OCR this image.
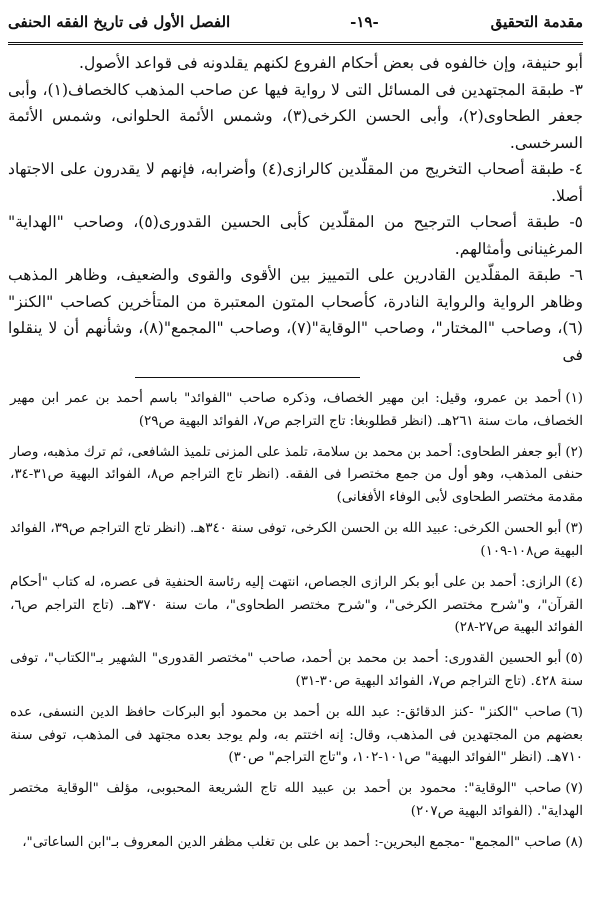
مقدمة التحقيق
-١٩-
الفصل الأول فى تاريخ الفقه الحنفى

أبو حنيفة، وإن خالفوه فى بعض أحكام الفروع لكنهم يقلدونه فى قواعد الأصول.

٣- طبقة المجتهدين فى المسائل التى لا رواية فيها عن صاحب المذهب كالخصاف(١)، وأبى جعفر الطحاوى(٢)، وأبى الحسن الكرخى(٣)، وشمس الأئمة الحلوانى، وشمس الأئمة السرخسى.

٤- طبقة أصحاب التخريج من المقلّدين كالرازى(٤) وأضرابه، فإنهم لا يقدرون على الاجتهاد أصلا.

٥- طبقة أصحاب الترجيح من المقلّدين كأبى الحسين القدورى(٥)، وصاحب "الهداية" المرغينانى وأمثالهم.

٦- طبقة المقلّدين القادرين على التمييز بين الأقوى والقوى والضعيف، وظاهر المذهب وظاهر الرواية والرواية النادرة، كأصحاب المتون المعتبرة من المتأخرين كصاحب "الكنز"(٦)، وصاحب "المختار"، وصاحب "الوقاية"(٧)، وصاحب "المجمع"(٨)، وشأنهم أن لا ينقلوا فى

(١)أحمد بن عمرو، وقيل: ابن مهير الخصاف، وذكره صاحب "الفوائد" باسم أحمد بن عمر ابن مهير الخصاف، مات سنة ٢٦١هـ. (انظر قطلوبغا: تاج التراجم ص٧، الفوائد البهية ص٢٩)

(٢)أبو جعفر الطحاوى: أحمد بن محمد بن سلامة، تلمذ على المزنى تلميذ الشافعى، ثم ترك مذهبه، وصار حنفى المذهب، وهو أول من جمع مختصرا فى الفقه. (انظر تاج التراجم ص٨، الفوائد البهية ص٣١-٣٤، مقدمة مختصر الطحاوى لأبى الوفاء الأفغانى)

(٣)أبو الحسن الكرخى: عبيد الله بن الحسن الكرخى، توفى سنة ٣٤٠هـ. (انظر تاج التراجم ص٣٩، الفوائد البهية ص١٠٨-١٠٩)

(٤)الرازى: أحمد بن على أبو بكر الرازى الجصاص، انتهت إليه رئاسة الحنفية فى عصره، له كتاب "أحكام القرآن"، و"شرح مختصر الكرخى"، و"شرح مختصر الطحاوى"، مات سنة ٣٧٠هـ. (تاج التراجم ص٦، الفوائد البهية ص٢٧-٢٨)

(٥)أبو الحسين القدورى: أحمد بن محمد بن أحمد، صاحب "مختصر القدورى" الشهير بـ"الكتاب"، توفى سنة ٤٢٨. (تاج التراجم ص٧، الفوائد البهية ص٣٠-٣١)

(٦)صاحب "الكنز" -كنز الدقائق-: عبد الله بن أحمد بن محمود أبو البركات حافظ الدين النسفى، عده بعضهم من المجتهدين فى المذهب، وقال: إنه اختتم به، ولم يوجد بعده مجتهد فى المذهب، توفى سنة ٧١٠هـ. (انظر "الفوائد البهية" ص١٠١-١٠٢، و"تاج التراجم" ص٣٠)

(٧)صاحب "الوقاية": محمود بن أحمد بن عبيد الله تاج الشريعة المحبوبى، مؤلف "الوقاية مختصر الهداية". (الفوائد البهية ص٢٠٧)

(٨)صاحب "المجمع" -مجمع البحرين-: أحمد بن على بن تغلب مظفر الدين المعروف بـ"ابن الساعاتى"،
